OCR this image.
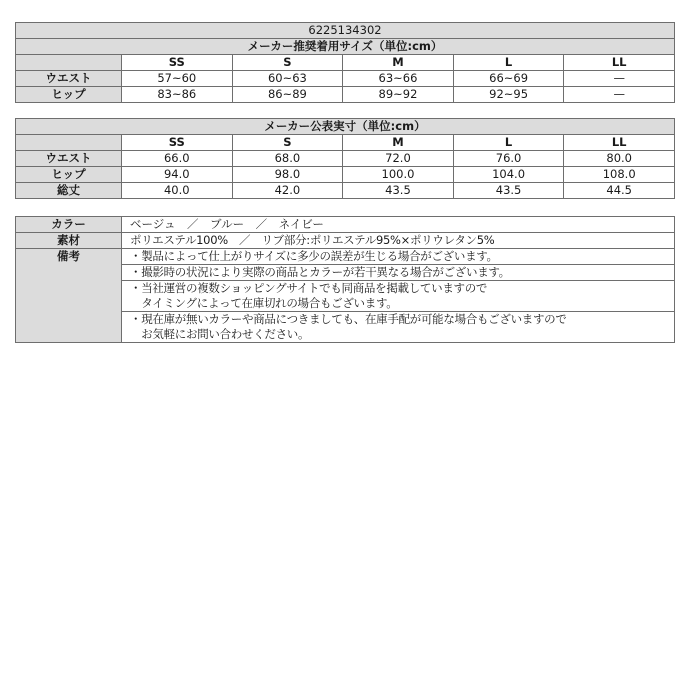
6225134302					
メーカー推奨着用サイズ（単位:cm）					
	SS	S	M	L	LL
ウエスト	57~60	60~63	63~66	66~69	—
ヒップ	83~86	86~89	89~92	92~95	—
メーカー公表実寸（単位:cm）					
	SS	S	M	L	LL
ウエスト	66.0	68.0	72.0	76.0	80.0
ヒップ	94.0	98.0	100.0	104.0	108.0
総丈	40.0	42.0	43.5	43.5	44.5
カラー	ベージュ　／　ブルー　／　ネイビー
素材	ポリエステル100%　／　リブ部分:ポリエステル95%×ポリウレタン5%
備考	・製品によって仕上がりサイズに多少の誤差が生じる場合がございます。
	・撮影時の状況により実際の商品とカラーが若干異なる場合がございます。
	・当社運営の複数ショッピングサイトでも同商品を掲載していますので
	　タイミングによって在庫切れの場合もございます。
	・現在庫が無いカラーや商品につきましても、在庫手配が可能な場合もございますので
	　お気軽にお問い合わせください。
